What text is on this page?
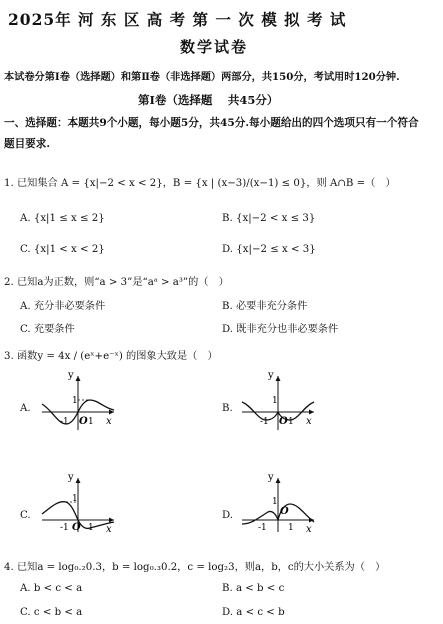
2025年 河 东 区 高 考 第 一 次 模 拟 考 试
数学试卷
本试卷分第Ⅰ卷（选择题）和第Ⅱ卷（非选择题）两部分，共150分，考试用时120分钟.
第Ⅰ卷（选择题　 共45分）
一、选择题：本题共9个小题，每小题5分，共45分.每小题给出的四个选项只有一个符合
题目要求.
1. 已知集合 A = {x|−2 < x < 2}，B = {x | (x−3)/(x−1) ≤ 0}，则 A∩B =（　）
A. {x|1 ≤ x ≤ 2}	B. {x|−2 < x ≤ 3}
C. {x|1 < x < 2}	D. {x|−2 ≤ x < 3}
2. 已知a为正数，则“a > 3”是“aᵃ > a³”的（　）
A. 充分非必要条件	B. 必要非充分条件
C. 充要条件	D. 既非充分也非必要条件
3. 函数y = 4x / (eˣ+e⁻ˣ) 的图象大致是（　）
A.
y
x
O
1
1
-1
B.
y
x
O
1
1
-1
C.
y
x
O
1
1
-1
D.
y
x
O
1
1
-1
4. 已知a = log₀.₂0.3，b = log₀.₃0.2，c = log₂3，则a，b，c的大小关系为（　）
A. b < c < a	B. a < b < c
C. c < b < a	D. a < c < b
